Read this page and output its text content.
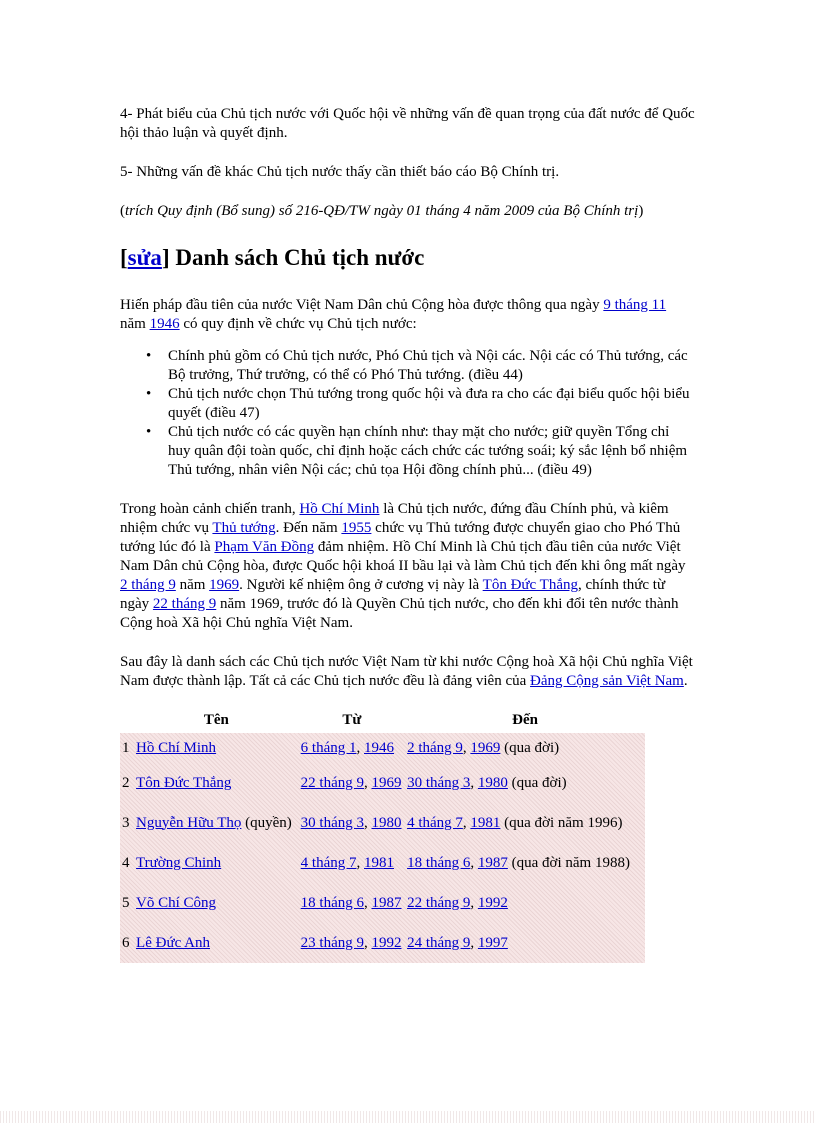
4- Phát biểu của Chủ tịch nước với Quốc hội về những vấn đề quan trọng của đất nước để Quốc hội thảo luận và quyết định.

5- Những vấn đề khác Chủ tịch nước thấy cần thiết báo cáo Bộ Chính trị.

(trích Quy định (Bổ sung) số 216-QĐ/TW ngày 01 tháng 4 năm 2009 của Bộ Chính trị)

[sửa] Danh sách Chủ tịch nước

Hiến pháp đầu tiên của nước Việt Nam Dân chủ Cộng hòa được thông qua ngày 9 tháng 11 năm 1946 có quy định về chức vụ Chủ tịch nước:

• Chính phủ gồm có Chủ tịch nước, Phó Chủ tịch và Nội các. Nội các có Thủ tướng, các Bộ trưởng, Thứ trưởng, có thể có Phó Thủ tướng. (điều 44)
• Chủ tịch nước chọn Thủ tướng trong quốc hội và đưa ra cho các đại biểu quốc hội biểu quyết (điều 47)
• Chủ tịch nước có các quyền hạn chính như: thay mặt cho nước; giữ quyền Tổng chỉ huy quân đội toàn quốc, chỉ định hoặc cách chức các tướng soái; ký sắc lệnh bổ nhiệm Thủ tướng, nhân viên Nội các; chủ tọa Hội đồng chính phủ... (điều 49)

Trong hoàn cảnh chiến tranh, Hồ Chí Minh là Chủ tịch nước, đứng đầu Chính phủ, và kiêm nhiệm chức vụ Thủ tướng. Đến năm 1955 chức vụ Thủ tướng được chuyển giao cho Phó Thủ tướng lúc đó là Phạm Văn Đồng đảm nhiệm. Hồ Chí Minh là Chủ tịch đầu tiên của nước Việt Nam Dân chủ Cộng hòa, được Quốc hội khoá II bầu lại và làm Chủ tịch đến khi ông mất ngày 2 tháng 9 năm 1969. Người kế nhiệm ông ở cương vị này là Tôn Đức Thắng, chính thức từ ngày 22 tháng 9 năm 1969, trước đó là Quyền Chủ tịch nước, cho đến khi đổi tên nước thành Cộng hoà Xã hội Chủ nghĩa Việt Nam.

Sau đây là danh sách các Chủ tịch nước Việt Nam từ khi nước Cộng hoà Xã hội Chủ nghĩa Việt Nam được thành lập. Tất cả các Chủ tịch nước đều là đảng viên của Đảng Cộng sản Việt Nam.

	Tên	Từ	Đến
1	Hồ Chí Minh	6 tháng 1, 1946	2 tháng 9, 1969 (qua đời)
2	Tôn Đức Thắng	22 tháng 9, 1969	30 tháng 3, 1980 (qua đời)
3	Nguyễn Hữu Thọ (quyền)	30 tháng 3, 1980	4 tháng 7, 1981 (qua đời năm 1996)
4	Trường Chinh	4 tháng 7, 1981	18 tháng 6, 1987 (qua đời năm 1988)
5	Võ Chí Công	18 tháng 6, 1987	22 tháng 9, 1992
6	Lê Đức Anh	23 tháng 9, 1992	24 tháng 9, 1997
